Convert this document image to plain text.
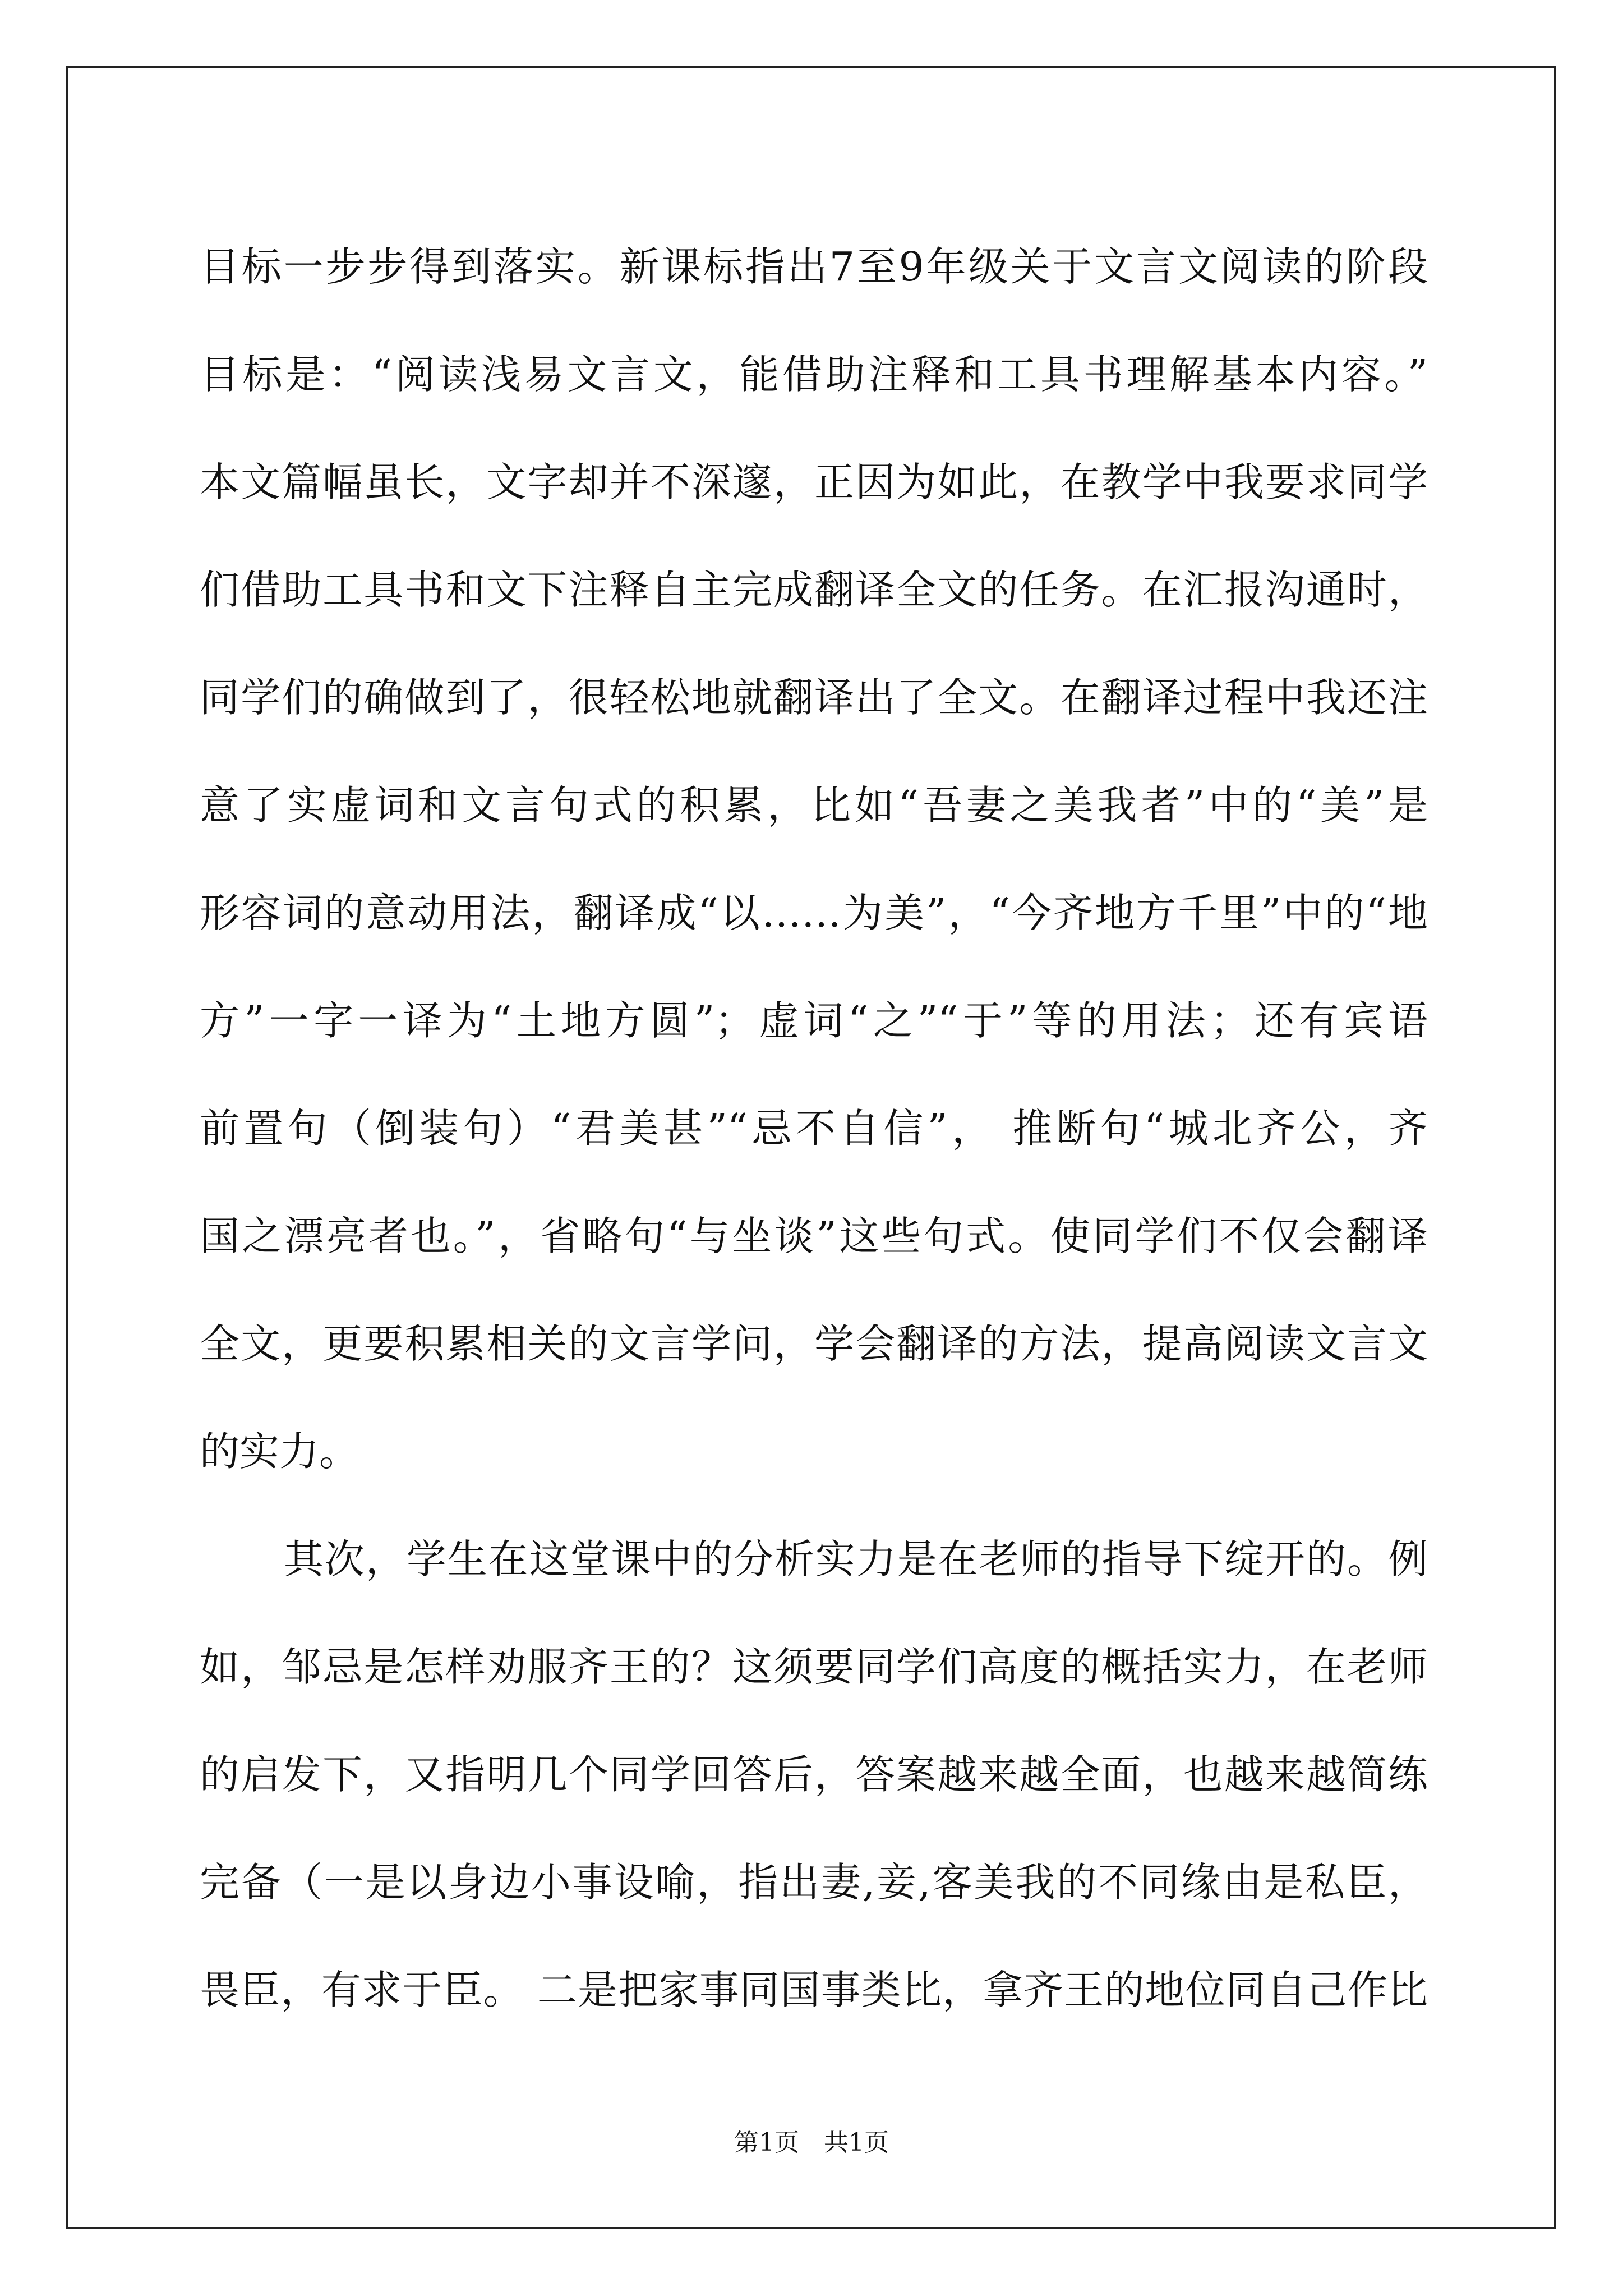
目标一步步得到落实。新课标指出7至9年级关于文言文阅读的阶段
目标是：“阅读浅易文言文，能借助注释和工具书理解基本内容。”
本文篇幅虽长，文字却并不深邃，正因为如此，在教学中我要求同学
们借助工具书和文下注释自主完成翻译全文的任务。在汇报沟通时，
同学们的确做到了，很轻松地就翻译出了全文。在翻译过程中我还注
意了实虚词和文言句式的积累，比如“吾妻之美我者”中的“美”是
形容词的意动用法，翻译成“以……为美”，“今齐地方千里”中的“地
方”一字一译为“土地方圆”；虚词“之”“于”等的用法；还有宾语
前置句（倒装句）“君美甚”“忌不自信”， 推断句“城北齐公，齐
国之漂亮者也。”，省略句“与坐谈”这些句式。使同学们不仅会翻译
全文，更要积累相关的文言学问，学会翻译的方法，提高阅读文言文
的实力。
其次，学生在这堂课中的分析实力是在老师的指导下绽开的。例
如，邹忌是怎样劝服齐王的？这须要同学们高度的概括实力，在老师
的启发下，又指明几个同学回答后，答案越来越全面，也越来越简练
完备（一是以身边小事设喻，指出妻,妾,客美我的不同缘由是私臣，
畏臣，有求于臣。 二是把家事同国事类比，拿齐王的地位同自己作比
第1页　共1页
